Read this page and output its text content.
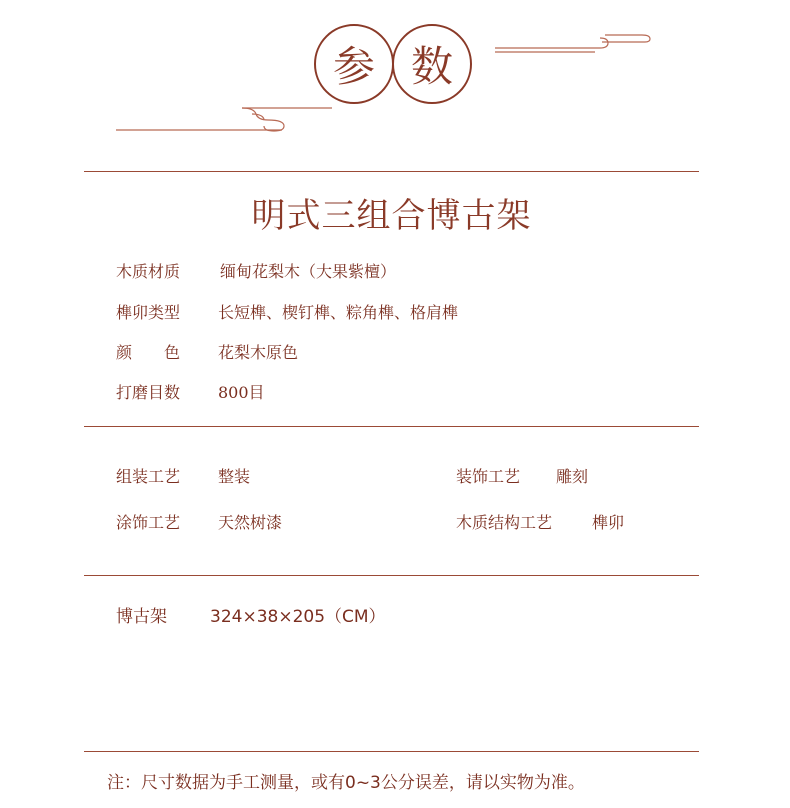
参 数
明式三组合博古架
木质材质 缅甸花梨木（大果紫檀）
榫卯类型 长短榫、楔钉榫、粽角榫、格肩榫
颜　　色 花梨木原色
打磨目数 800目
组装工艺 整装
涂饰工艺 天然树漆
装饰工艺 雕刻
木质结构工艺 榫卯
博古架	324×38×205（CM）
注：尺寸数据为手工测量，或有0~3公分误差，请以实物为准。
